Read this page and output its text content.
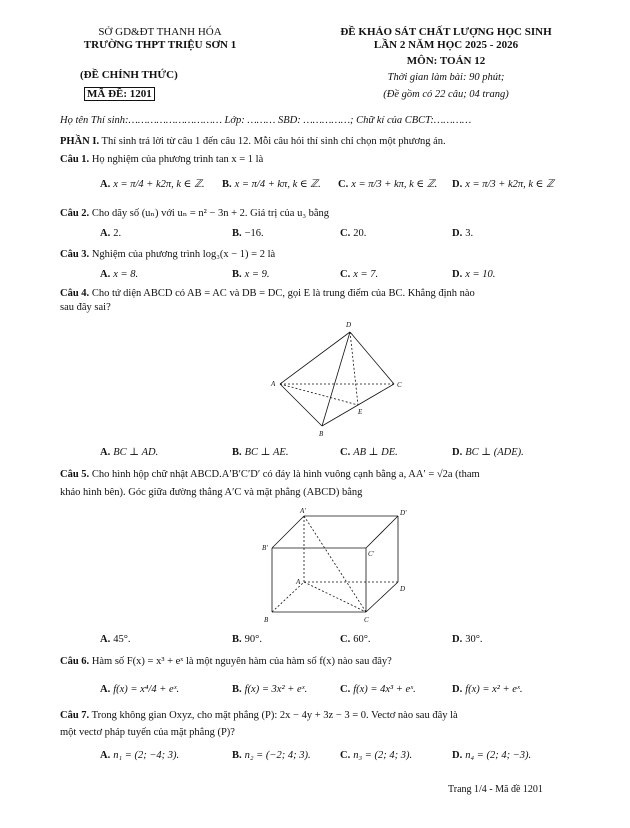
SỞ GD&ĐT THANH HÓA
TRƯỜNG THPT TRIỆU SƠN 1
(ĐỀ CHÍNH THỨC)
MÃ ĐỀ: 1201
ĐỀ KHẢO SÁT CHẤT LƯỢNG HỌC SINH
LẦN 2 NĂM HỌC 2025 - 2026
MÔN: TOÁN 12
Thời gian làm bài: 90 phút;
(Đề gồm có 22 câu; 04 trang)
Họ tên Thí sinh:………………………… Lớp: ……… SBD: ……………; Chữ kí của CBCT:…………
PHẦN I. Thí sinh trả lời từ câu 1 đến câu 12. Mỗi câu hỏi thí sinh chỉ chọn một phương án.
Câu 1. Họ nghiệm của phương trình tan x = 1 là
A. x = π/4 + k2π, k ∈ ℤ. B. x = π/4 + kπ, k ∈ ℤ. C. x = π/3 + kπ, k ∈ ℤ. D. x = π/3 + k2π, k ∈ ℤ
Câu 2. Cho dãy số (uₙ) với uₙ = n² − 3n + 2. Giá trị của u₃ bằng
A. 2.	B. −16.	C. 20.	D. 3.
Câu 3. Nghiệm của phương trình log₃(x − 1) = 2 là
A. x = 8.	B. x = 9.	C. x = 7.	D. x = 10.
Câu 4. Cho tứ diện ABCD có AB = AC và DB = DC, gọi E là trung điểm của BC. Khẳng định nào
sau đây sai?
D
A	C
E
B
A. BC ⊥ AD.	B. BC ⊥ AE.	C. AB ⊥ DE.	D. BC ⊥ (ADE).
Câu 5. Cho hình hộp chữ nhật ABCD.A′B′C′D′ có đáy là hình vuông cạnh bằng a, AA′ = √2a (tham
khảo hình bên). Góc giữa đường thẳng A′C và mặt phẳng (ABCD) bằng
A'	D'
B'
C'
A
D
B	C
A. 45°.	B. 90°.	C. 60°.	D. 30°.
Câu 6. Hàm số F(x) = x³ + eˣ là một nguyên hàm của hàm số f(x) nào sau đây?
A. f(x) = x⁴/4 + eˣ.	B. f(x) = 3x² + eˣ.	C. f(x) = 4x³ + eˣ.	D. f(x) = x² + eˣ.
Câu 7. Trong không gian Oxyz, cho mặt phẳng (P): 2x − 4y + 3z − 3 = 0. Vectơ nào sau đây là
một vectơ pháp tuyến của mặt phẳng (P)?
A. n₁ = (2; −4; 3).	B. n₂ = (−2; 4; 3).	C. n₃ = (2; 4; 3).	D. n₄ = (2; 4; −3).
Trang 1/4 - Mã đề 1201
